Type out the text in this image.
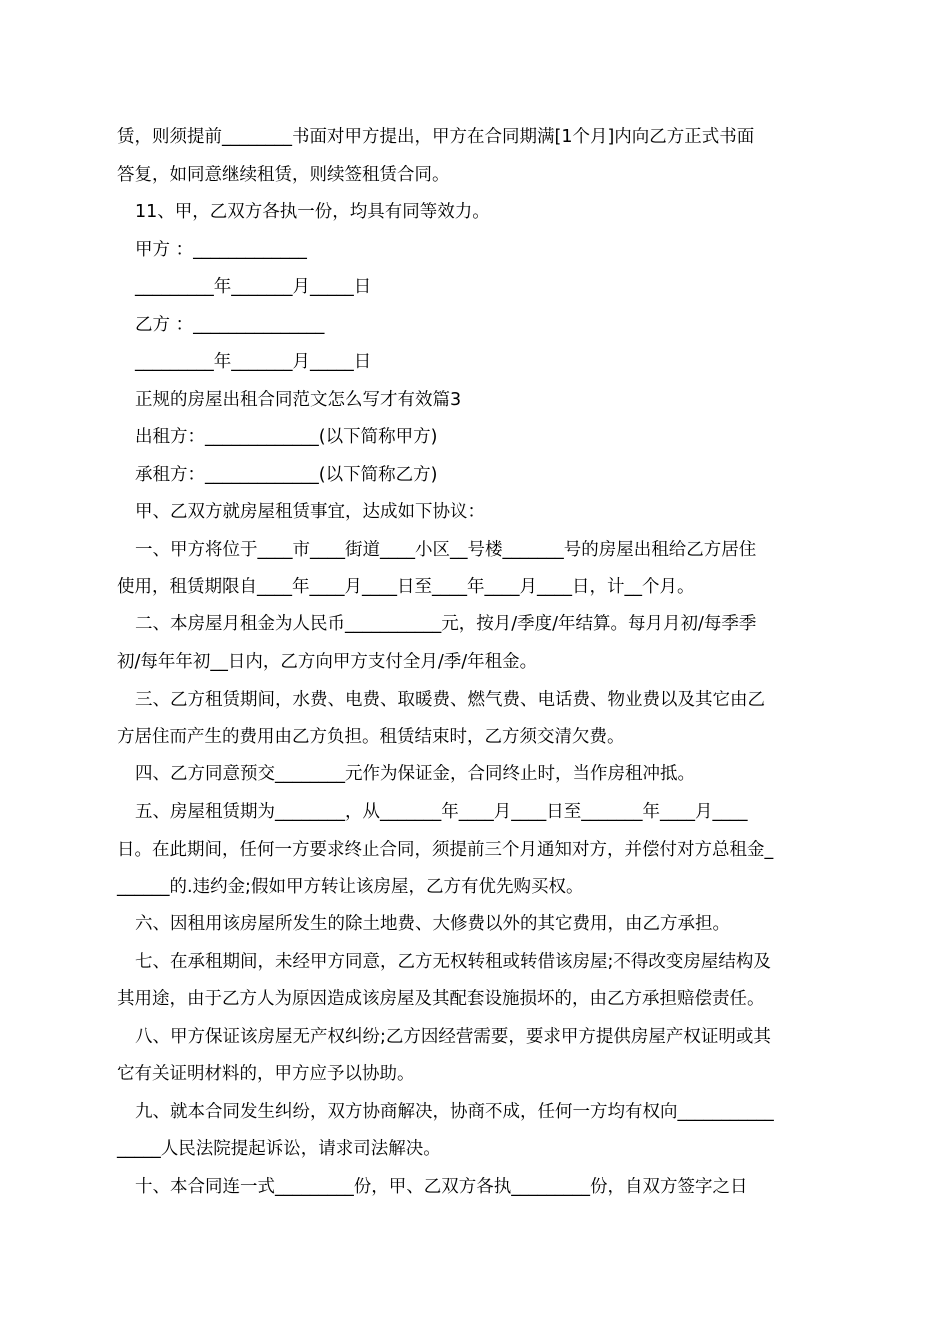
赁，则须提前________书面对甲方提出，甲方在合同期满[1个月]内向乙方正式书面
答复，如同意继续租赁，则续签租赁合同。
11、甲，乙双方各执一份，均具有同等效力。
甲方 ：_____________
_________年_______月_____日
乙方 ：_______________
_________年_______月_____日
正规的房屋出租合同范文怎么写才有效篇3
出租方：_____________(以下简称甲方)
承租方：_____________(以下简称乙方)
甲、乙双方就房屋租赁事宜，达成如下协议：
一、甲方将位于____市____街道____小区__号楼_______号的房屋出租给乙方居住
使用，租赁期限自____年____月____日至____年____月____日，计__个月。
二、本房屋月租金为人民币___________元，按月/季度/年结算。每月月初/每季季
初/每年年初__日内，乙方向甲方支付全月/季/年租金。
三、乙方租赁期间，水费、电费、取暖费、燃气费、电话费、物业费以及其它由乙
方居住而产生的费用由乙方负担。租赁结束时，乙方须交清欠费。
四、乙方同意预交________元作为保证金，合同终止时，当作房租冲抵。
五、房屋租赁期为________，从_______年____月____日至_______年____月____
日。在此期间，任何一方要求终止合同，须提前三个月通知对方，并偿付对方总租金_
______的.违约金;假如甲方转让该房屋，乙方有优先购买权。
六、因租用该房屋所发生的除土地费、大修费以外的其它费用，由乙方承担。
七、在承租期间，未经甲方同意，乙方无权转租或转借该房屋;不得改变房屋结构及
其用途，由于乙方人为原因造成该房屋及其配套设施损坏的，由乙方承担赔偿责任。
八、甲方保证该房屋无产权纠纷;乙方因经营需要，要求甲方提供房屋产权证明或其
它有关证明材料的，甲方应予以协助。
九、就本合同发生纠纷，双方协商解决，协商不成，任何一方均有权向___________
_____人民法院提起诉讼，请求司法解决。
十、本合同连一式_________份，甲、乙双方各执_________份，自双方签字之日
